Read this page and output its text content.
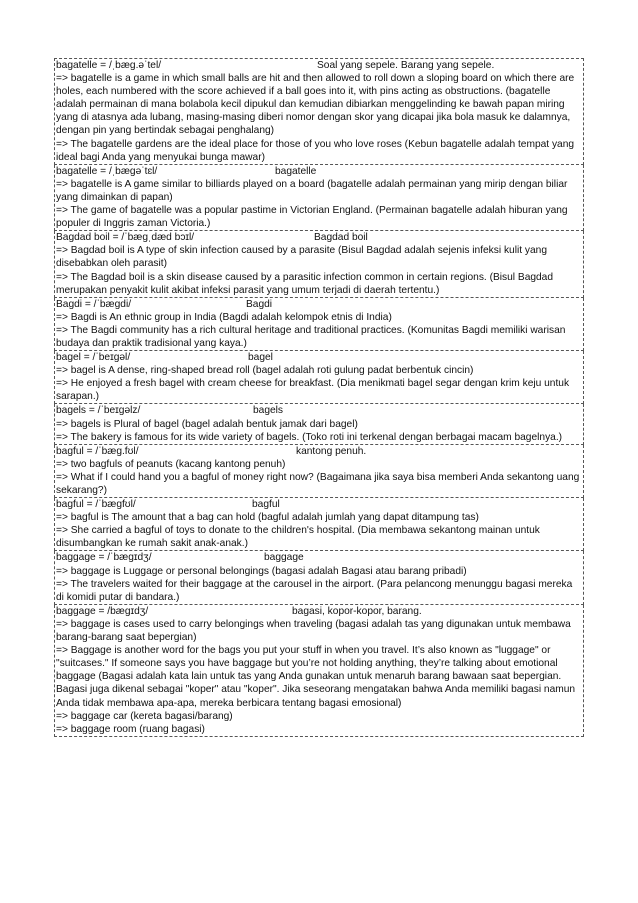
bagatelle = /ˌbæɡ.əˈtel/	Soal yang sepele. Barang yang sepele.
=> bagatelle is a game in which small balls are hit and then allowed to roll down a sloping board on which there are holes, each numbered with the score achieved if a ball goes into it, with pins acting as obstructions. (bagatelle adalah permainan di mana bolabola kecil dipukul dan kemudian dibiarkan menggelinding ke bawah papan miring yang di atasnya ada lubang, masing-masing diberi nomor dengan skor yang dicapai jika bola masuk ke dalamnya, dengan pin yang bertindak sebagai penghalang)
=> The bagatelle gardens are the ideal place for those of you who love roses (Kebun bagatelle adalah tempat yang ideal bagi Anda yang menyukai bunga mawar)
bagatelle = /ˌbæɡəˈtɛl/	bagatelle
=> bagatelle is A game similar to billiards played on a board (bagatelle adalah permainan yang mirip dengan biliar yang dimainkan di papan)
=> The game of bagatelle was a popular pastime in Victorian England. (Permainan bagatelle adalah hiburan yang populer di Inggris zaman Victoria.)
Bagdad boil = /ˈbæɡˌdæd bɔɪl/	Bagdad boil
=> Bagdad boil is A type of skin infection caused by a parasite (Bisul Bagdad adalah sejenis infeksi kulit yang disebabkan oleh parasit)
=> The Bagdad boil is a skin disease caused by a parasitic infection common in certain regions. (Bisul Bagdad merupakan penyakit kulit akibat infeksi parasit yang umum terjadi di daerah tertentu.)
Bagdi = /ˈbæɡdi/	Bagdi
=> Bagdi is An ethnic group in India (Bagdi adalah kelompok etnis di India)
=> The Bagdi community has a rich cultural heritage and traditional practices. (Komunitas Bagdi memiliki warisan budaya dan praktik tradisional yang kaya.)
bagel = /ˈbeɪɡəl/	bagel
=> bagel is A dense, ring-shaped bread roll (bagel adalah roti gulung padat berbentuk cincin)
=> He enjoyed a fresh bagel with cream cheese for breakfast. (Dia menikmati bagel segar dengan krim keju untuk sarapan.)
bagels = /ˈbeɪɡəlz/	bagels
=> bagels is Plural of bagel (bagel adalah bentuk jamak dari bagel)
=> The bakery is famous for its wide variety of bagels. (Toko roti ini terkenal dengan berbagai macam bagelnya.)
bagful = /ˈbæɡ.fʊl/	kantong penuh.
=> two bagfuls of peanuts (kacang kantong penuh)
=> What if I could hand you a bagful of money right now? (Bagaimana jika saya bisa memberi Anda sekantong uang sekarang?)
bagful = /ˈbæɡfʊl/	bagful
=> bagful is The amount that a bag can hold (bagful adalah jumlah yang dapat ditampung tas)
=> She carried a bagful of toys to donate to the children's hospital. (Dia membawa sekantong mainan untuk disumbangkan ke rumah sakit anak-anak.)
baggage = /ˈbæɡɪdʒ/	baggage
=> baggage is Luggage or personal belongings (bagasi adalah Bagasi atau barang pribadi)
=> The travelers waited for their baggage at the carousel in the airport. (Para pelancong menunggu bagasi mereka di komidi putar di bandara.)
baggage = /bæɡɪdʒ/	bagasi, kopor-kopor, barang.
=> baggage is cases used to carry belongings when traveling (bagasi adalah tas yang digunakan untuk membawa barang-barang saat bepergian)
=> Baggage is another word for the bags you put your stuff in when you travel. It’s also known as "luggage" or "suitcases." If someone says you have baggage but you’re not holding anything, they’re talking about emotional baggage (Bagasi adalah kata lain untuk tas yang Anda gunakan untuk menaruh barang bawaan saat bepergian. Bagasi juga dikenal sebagai "koper" atau "koper". Jika seseorang mengatakan bahwa Anda memiliki bagasi namun Anda tidak membawa apa-apa, mereka berbicara tentang bagasi emosional)
=> baggage car (kereta bagasi/barang)
=> baggage room (ruang bagasi)
